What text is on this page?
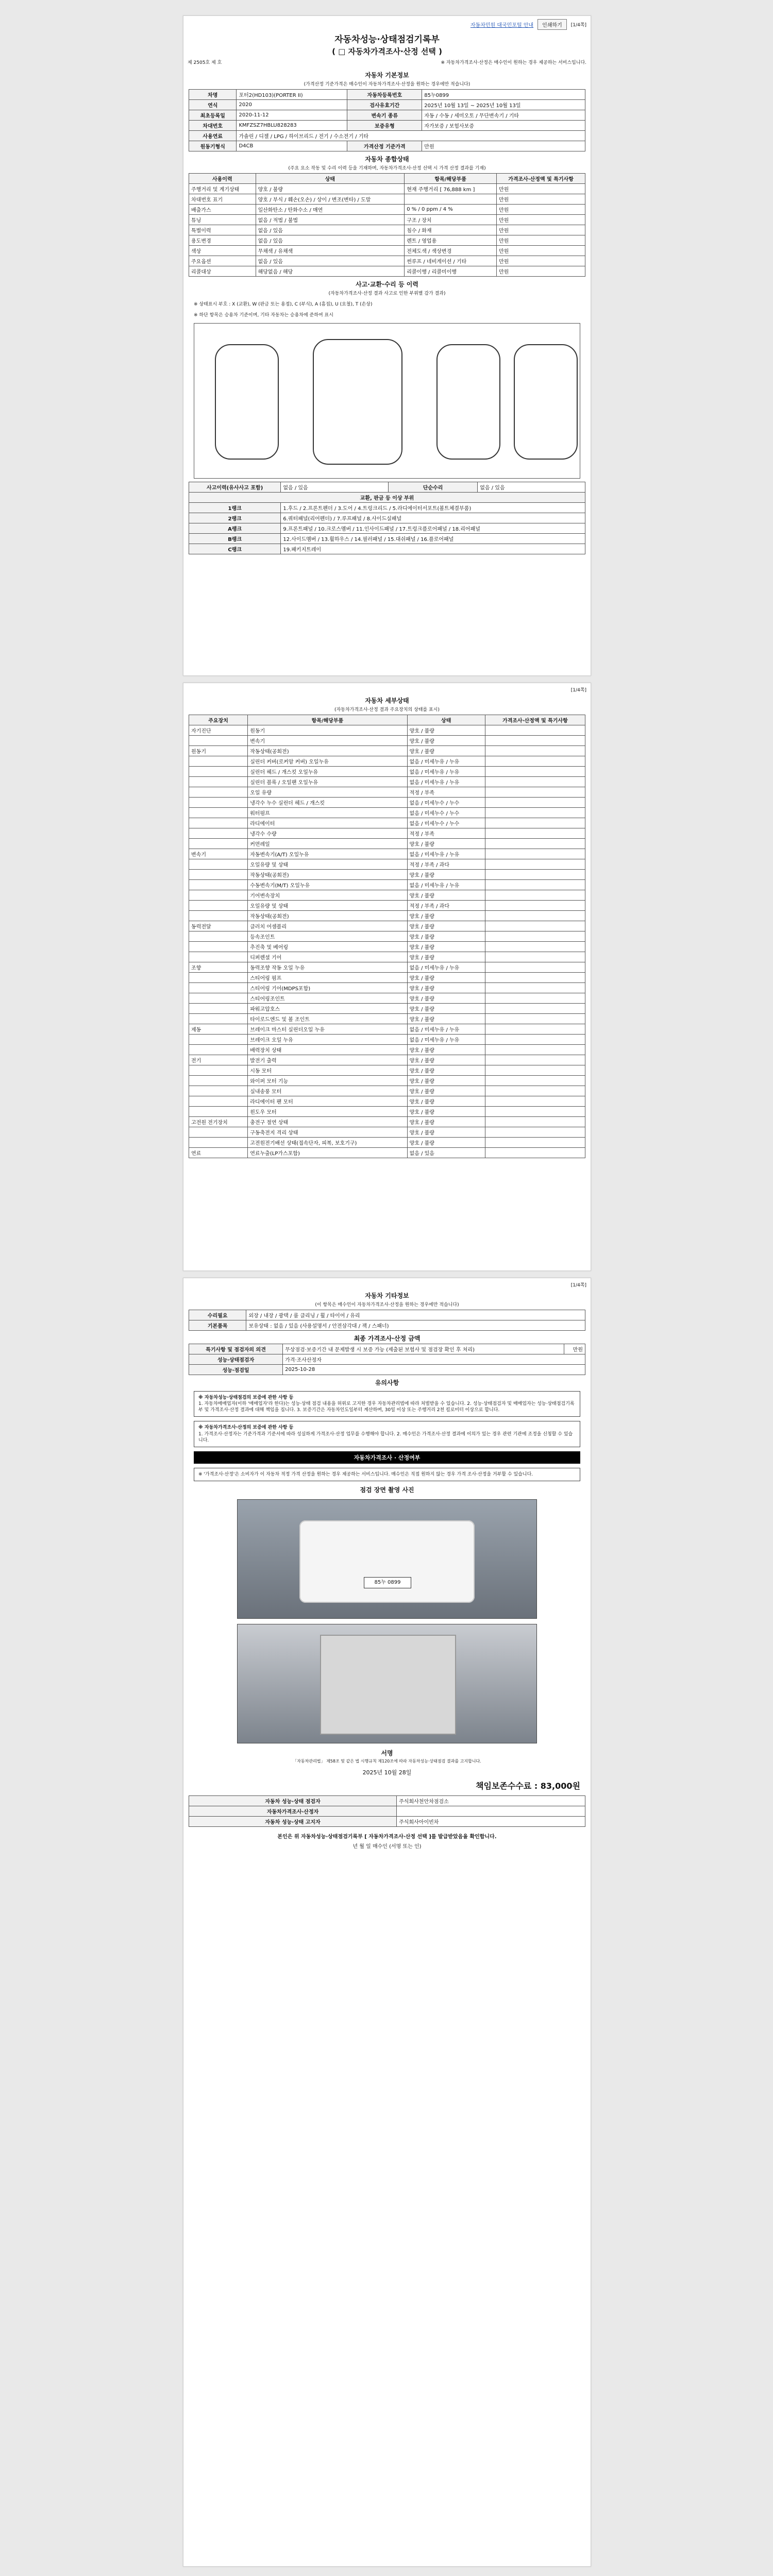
자동차민원 대국민포털 안내	인쇄하기	[1/4쪽]
자동차성능·상태점검기록부
( □ 자동차가격조사·산정 선택 )
제 2505호 제 호	※ 자동차가격조사·산정은 매수인이 원하는 경우 제공하는 서비스입니다.
자동차 기본정보
(가격산정 기준가격은 매수인이 자동차가격조사·산정을 원하는 경우에만 적습니다)
차명	포터2(HD103)(PORTER II)	자동차등록번호	85누0899
연식	2020	검사유효기간	2025년 10월 13일 ~ 2025년 10월 13일
최초등록일	2020-11-12	변속기 종류	자동 / 수동 / 세미오토 / 무단변속기 / 기타
차대번호	KMFZSZ7HBLU828283	보증유형	자가보증 / 보험사보증
사용연료	가솔린 / 디젤 / LPG / 하이브리드 / 전기 / 수소전기 / 기타		
원동기형식	D4CB	가격산정 기준가격	만원
자동차 종합상태
(주요 요소 작동 및 수리 이력 등을 기재하며, 자동차가격조사·산정 선택 시 가격 산정 결과를 기재)
사용이력	상태	항목/해당부품	가격조사·산정액 및 특기사항
주행거리 및 계기상태	양호 / 불량	현재 주행거리 [ 76,888 km ]	만원
차대번호 표기	양호 / 부식 / 훼손(오손) / 상이 / 변조(변타) / 도말		만원
배출가스	일산화탄소 / 탄화수소 / 매연	0 % / 0 ppm / 4 %	만원
튜닝	없음 / 적법 / 불법	구조 / 장치	만원
특별이력	없음 / 있음	침수 / 화재	만원
용도변경	없음 / 있음	렌트 / 영업용	만원
색상	무채색 / 유채색	전체도색 / 색상변경	만원
주요옵션	없음 / 있음	썬루프 / 네비게이션 / 기타	만원
리콜대상	해당없음 / 해당	리콜이행 / 리콜미이행	만원
사고·교환·수리 등 이력
(자동차가격조사·산정 결과 사고로 인한 부위별 감가 결과)
※ 상태표시 부호 : X (교환), W (판금 또는 용접), C (부식), A (흠집), U (요철), T (손상)
※ 하단 항목은 승용차 기준이며, 기타 자동차는 승용차에 준하여 표시
사고이력(유사사고 포함)	없음 / 있음	단순수리	없음 / 있음
교환, 판금 등 이상 부위			
1랭크	1.후드 / 2.프론트펜더 / 3.도어 / 4.트렁크리드 / 5.라디에이터서포트(볼트체결부품)		
2랭크	6.쿼터패널(리어펜더) / 7.루프패널 / 8.사이드실패널		
A랭크	9.프론트패널 / 10.크로스멤버 / 11.인사이드패널 / 17.트렁크플로어패널 / 18.리어패널		
B랭크	12.사이드멤버 / 13.휠하우스 / 14.필러패널 / 15.대쉬패널 / 16.플로어패널		
C랭크	19.패키지트레이		
[1/4쪽]
자동차 세부상태
(자동차가격조사·산정 결과 주요장치의 상태를 표시)
주요장치	항목/해당부품	상태	가격조사·산정액 및 특기사항
자기진단	원동기	양호 / 불량	
	변속기	양호 / 불량	
원동기	작동상태(공회전)	양호 / 불량	
	실린더 커버(로커암 커버) 오일누유	없음 / 미세누유 / 누유	
	실린더 헤드 / 개스킷 오일누유	없음 / 미세누유 / 누유	
	실린더 블록 / 오일팬 오일누유	없음 / 미세누유 / 누유	
	오일 유량	적정 / 부족	
	냉각수 누수 실린더 헤드 / 개스킷	없음 / 미세누수 / 누수	
	워터펌프	없음 / 미세누수 / 누수	
	라디에이터	없음 / 미세누수 / 누수	
	냉각수 수량	적정 / 부족	
	커먼레일	양호 / 불량	
변속기	자동변속기(A/T) 오일누유	없음 / 미세누유 / 누유	
	오일유량 및 상태	적정 / 부족 / 과다	
	작동상태(공회전)	양호 / 불량	
	수동변속기(M/T) 오일누유	없음 / 미세누유 / 누유	
	기어변속장치	양호 / 불량	
	오일유량 및 상태	적정 / 부족 / 과다	
	작동상태(공회전)	양호 / 불량	
동력전달	클러치 어셈블리	양호 / 불량	
	등속조인트	양호 / 불량	
	추진축 및 베어링	양호 / 불량	
	디퍼렌셜 기어	양호 / 불량	
조향	동력조향 작동 오일 누유	없음 / 미세누유 / 누유	
	스티어링 펌프	양호 / 불량	
	스티어링 기어(MDPS포함)	양호 / 불량	
	스티어링조인트	양호 / 불량	
	파워고압호스	양호 / 불량	
	타이로드엔드 및 볼 조인트	양호 / 불량	
제동	브레이크 마스터 실린더오일 누유	없음 / 미세누유 / 누유	
	브레이크 오일 누유	없음 / 미세누유 / 누유	
	배력장치 상태	양호 / 불량	
전기	발전기 출력	양호 / 불량	
	시동 모터	양호 / 불량	
	와이퍼 모터 기능	양호 / 불량	
	실내송풍 모터	양호 / 불량	
	라디에이터 팬 모터	양호 / 불량	
	윈도우 모터	양호 / 불량	
고전원 전기장치	충전구 절연 상태	양호 / 불량	
	구동축전지 격리 상태	양호 / 불량	
	고전원전기배선 상태(접속단자, 피복, 보호기구)	양호 / 불량	
연료	연료누출(LP가스포함)	없음 / 있음	
[1/4쪽]
자동차 기타정보
(이 항목은 매수인이 자동차가격조사·산정을 원하는 경우에만 적습니다)
수리필요	외장 / 내장 / 광택 / 룸 클리닝 / 휠 / 타이어 / 유리
기본품목	보유상태 : 없음 / 있음 (사용설명서 / 안전삼각대 / 잭 / 스패너)
최종 가격조사·산정 금액
특기사항 및 점검자의 의견	무상점검·보증기간 내 문제발생 시 보증 가능 (제출된 보험사 및 점검장 확인 후 처리)	만원
성능·상태점검자	가격·조사산정자	
성능·점검일	2025-10-28	
유의사항
※ 자동차성능·상태점검의 보증에 관한 사항 등
1. 자동차매매업자(이하 '매매업자'라 한다)는 성능·상태 점검 내용을 허위로 고지한 경우 자동차관리법에 따라 처벌받을 수 있습니다. 2. 성능·상태점검자 및 매매업자는 성능·상태점검기록부 및 가격조사·산정 결과에 대해 책임을 집니다. 3. 보증기간은 자동차인도일부터 계산하며, 30일 이상 또는 주행거리 2천 킬로미터 이상으로 합니다.
※ 자동차가격조사·산정의 보증에 관한 사항 등
1. 가격조사·산정자는 기준가격과 기준서에 따라 성실하게 가격조사·산정 업무를 수행해야 합니다. 2. 매수인은 가격조사·산정 결과에 이의가 있는 경우 관련 기관에 조정을 신청할 수 있습니다.
자동차가격조사 · 산정여부
※ '가격조사·산정'은 소비자가 이 자동차 적정 가격 산정을 원하는 경우 제공하는 서비스입니다. 매수인은 직접 원하지 않는 경우 가격 조사·산정을 거부할 수 있습니다.
점검 장면 촬영 사진
85누 0899
서명
「자동차관리법」 제58조 및 같은 법 시행규칙 제120조에 따라 자동차성능·상태점검 결과를 고지합니다.
2025년 10월 28일
책임보존수수료 : 83,000원
자동차 성능·상태 점검자	주식회사천안차점검소
자동차가격조사·산정자	
자동차 성능·상태 고지자	주식회사아이빈차
본인은 위 자동차성능·상태점검기록부 [ 자동차가격조사·산정 선택 ]를 발급받았음을 확인합니다.
년 월 일 매수인 (서명 또는 인)
